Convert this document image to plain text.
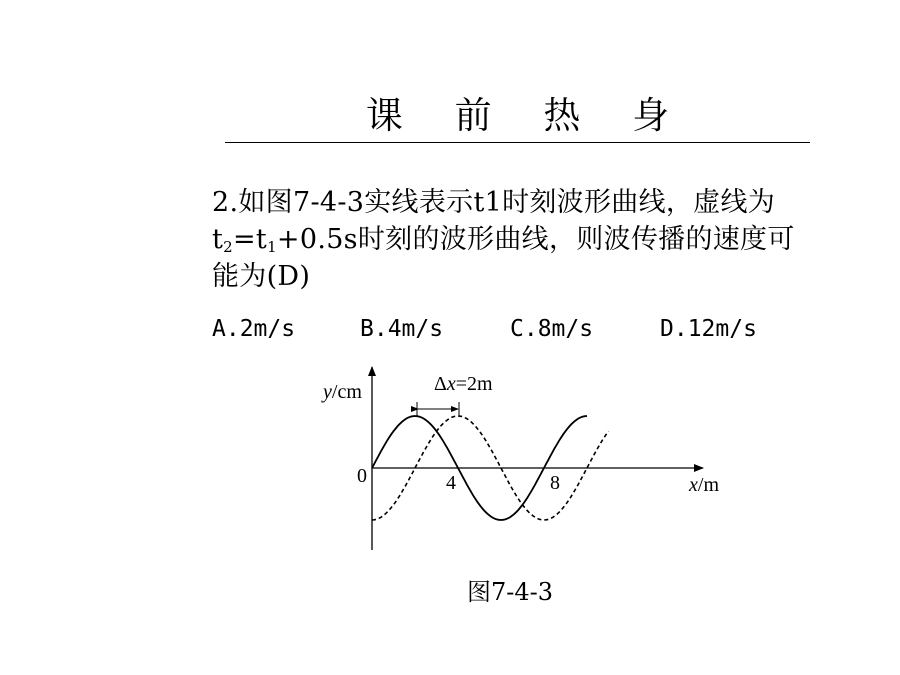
课 前 热 身
2.如图7-4-3实线表示t1时刻波形曲线，虚线为
$t_2=t_1+0.5s$时刻的波形曲线，则波传播的速度可
能为(D)
A.2m/s	B.4m/s	C.8m/s	D.12m/s
y/cm
0	4	8	x/m
Δx=2m
图7-4-3
